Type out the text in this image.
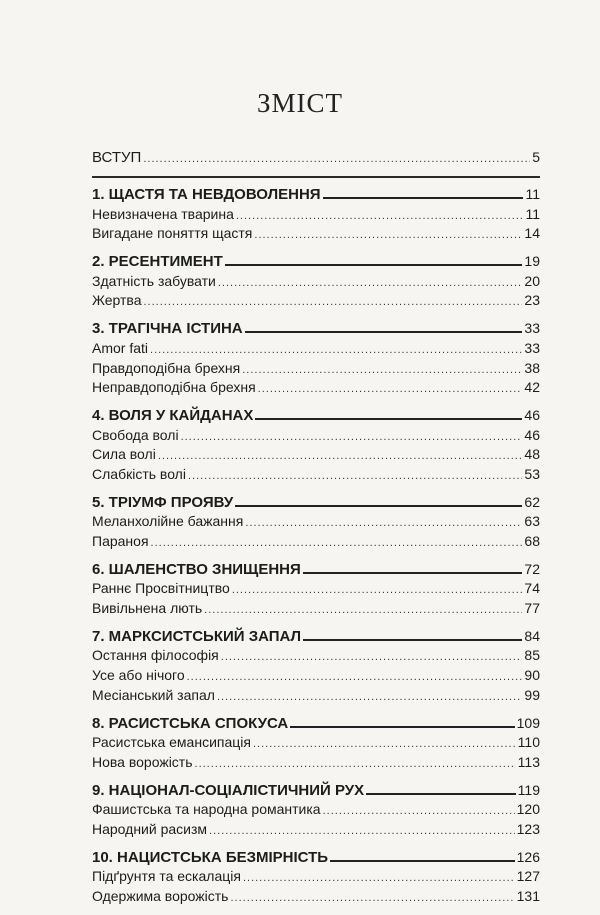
ЗМІСТ
ВСТУП .....	5
1. ЩАСТЯ ТА НЕВДОВОЛЕННЯ	11
Невизначена тварина .....	11
Вигадане поняття щастя .....	14
2. РЕСЕНТИМЕНТ	19
Здатність забувати .....	20
Жертва .....	23
3. ТРАГІЧНА ІСТИНА	33
Amor fati .....	33
Правдоподібна брехня .....	38
Неправдоподібна брехня .....	42
4. ВОЛЯ У КАЙДАНАХ	46
Свобода волі .....	46
Сила волі .....	48
Слабкість волі .....	53
5. ТРІУМФ ПРОЯВУ	62
Меланхолійне бажання .....	63
Параноя .....	68
6. ШАЛЕНСТВО ЗНИЩЕННЯ	72
Раннє Просвітництво .....	74
Вивільнена лють .....	77
7. МАРКСИСТСЬКИЙ ЗАПАЛ	84
Остання філософія .....	85
Усе або нічого .....	90
Месіанський запал .....	99
8. РАСИСТСЬКА СПОКУСА	109
Расистська емансипація .....	110
Нова ворожість .....	113
9. НАЦІОНАЛ-СОЦІАЛІСТИЧНИЙ РУХ	119
Фашистська та народна романтика .....	120
Народний расизм .....	123
10. НАЦИСТСЬКА БЕЗМІРНІСТЬ	126
Підґрунтя та ескалація .....	127
Одержима ворожість .....	131
